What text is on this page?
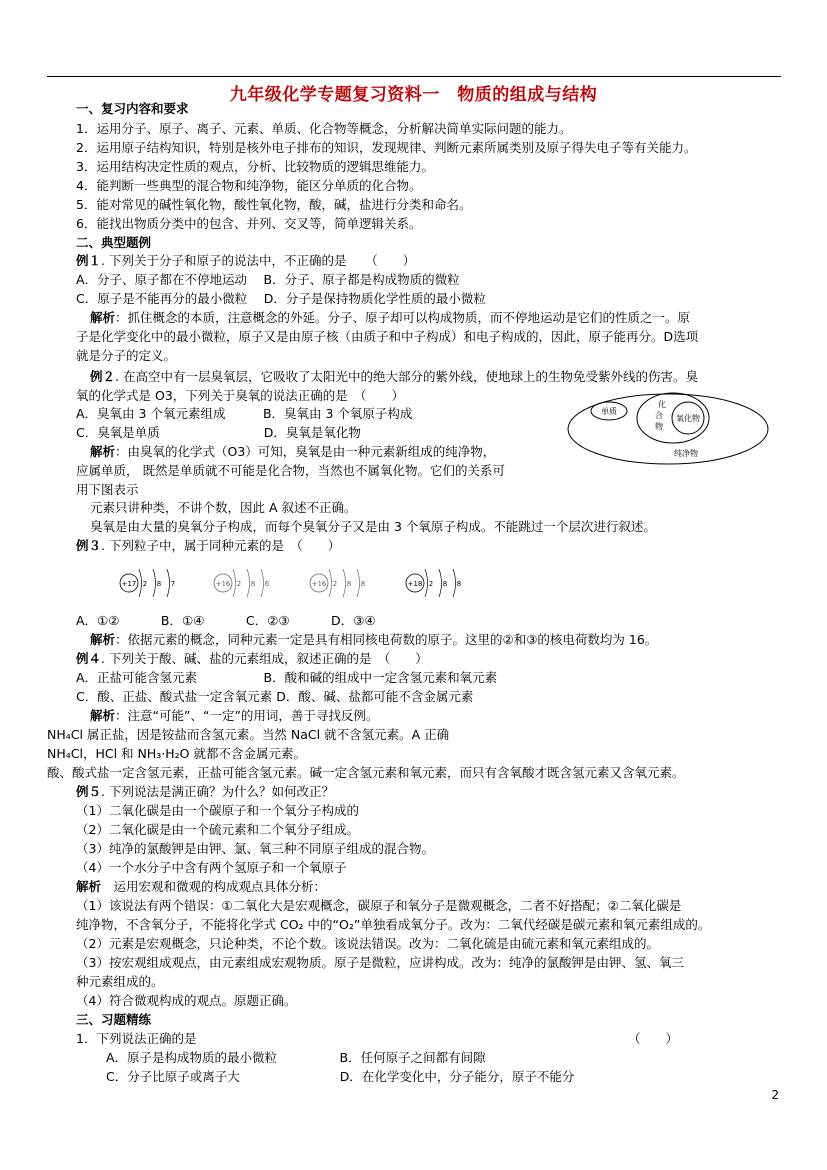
九年级化学专题复习资料一　物质的组成与结构
一、复习内容和要求
1．运用分子、原子、离子、元素、单质、化合物等概念，分析解决简单实际问题的能力。
2．运用原子结构知识，特别是核外电子排布的知识，发现规律、判断元素所属类别及原子得失电子等有关能力。
3．运用结构决定性质的观点，分析、比较物质的逻辑思维能力。
4．能判断一些典型的混合物和纯净物，能区分单质的化合物。
5．能对常见的碱性氧化物，酸性氧化物，酸，碱，盐进行分类和命名。
6．能找出物质分类中的包含、并列、交叉等，简单逻辑关系。
二、典型题例
例１. 下列关于分子和原子的说法中，不正确的是　　（　　）
A．分子、原子都在不停地运动　 B．分子、原子都是构成物质的微粒
C．原子是不能再分的最小微粒　 D．分子是保持物质化学性质的最小微粒
解析：抓住概念的本质，注意概念的外延。分子、原子却可以构成物质，而不停地运动是它们的性质之一。原
子是化学变化中的最小微粒，原子又是由原子核（由质子和中子构成）和电子构成的，因此，原子能再分。D选项
就是分子的定义。
例２. 在高空中有一层臭氧层，它吸收了太阳光中的绝大部分的紫外线，使地球上的生物免受紫外线的伤害。臭
氧的化学式是 O3，下列关于臭氧的说法正确的是　（　　）
A．臭氧由 3 个氧元素组成　　　B．臭氧由 3 个氧原子构成
C．臭氧是单质　　　　　　　　 D．臭氧是氧化物
解析：由臭氧的化学式（O3）可知，臭氧是由一种元素新组成的纯净物，
应属单质， 既然是单质就不可能是化合物，当然也不属氧化物。它们的关系可
用下图表示
元素只讲种类，不讲个数，因此 A 叙述不正确。
臭氧是由大量的臭氧分子构成，而每个臭氧分子又是由 3 个氧原子构成。不能跳过一个层次进行叙述。
单质
化
合
物
氧化物
纯净物
例３. 下列粒子中，属于同种元素的是　（　　）
+17 2 8 7	+16 2 8 6	+16 2 8 8	+18 2 8 8
A．①②　　　 B．①④　　　 C．②③　　　 D．③④
解析：依据元素的概念，同种元素一定是具有相同核电荷数的原子。这里的②和③的核电荷数均为 16。
例４. 下列关于酸、碱、盐的元素组成，叙述正确的是　（　　）
A．正盐可能含氢元素　　　　　 B．酸和碱的组成中一定含氢元素和氧元素
C．酸、正盐、酸式盐一定含氧元素 D．酸、碱、盐都可能不含金属元素
解析：注意“可能”、“一定”的用词，善于寻找反例。
NH₄Cl 属正盐，因是铵盐而含氢元素。当然 NaCl 就不含氢元素。A 正确
NH₄Cl，HCl 和 NH₃·H₂O 就都不含金属元素。
酸、酸式盐一定含氢元素，正盐可能含氢元素。碱一定含氢元素和氧元素，而只有含氧酸才既含氢元素又含氧元素。
例５. 下列说法是满正确？为什么？如何改正？
（1）二氧化碳是由一个碳原子和一个氧分子构成的
（2）二氧化碳是由一个硫元素和二个氧分子组成。
（3）纯净的氯酸钾是由钾、氯、氧三种不同原子组成的混合物。
（4）一个水分子中含有两个氢原子和一个氧原子
解析　运用宏观和微观的构成观点具体分析：
（1）该说法有两个错误：①二氧化大是宏观概念，碳原子和氧分子是微观概念，二者不好搭配；②二氧化碳是
纯净物，不含氧分子，不能将化学式 CO₂ 中的“O₂”单独看成氧分子。改为：二氧代经碳是碳元素和氧元素组成的。
（2）元素是宏观概念，只论种类，不论个数。该说法错误。改为：二氧化硫是由硫元素和氧元素组成的。
（3）按宏观组成观点，由元素组成宏观物质。原子是微粒，应讲构成。改为：纯净的氯酸钾是由钾、氢、氧三
种元素组成的。
（4）符合微观构成的观点。原题正确。
三、习题精练
1．下列说法正确的是	（　　）
A．原子是构成物质的最小微粒　　　　　B．任何原子之间都有间隙
C．分子比原子或离子大　　　　　　　　D．在化学变化中，分子能分，原子不能分
2
